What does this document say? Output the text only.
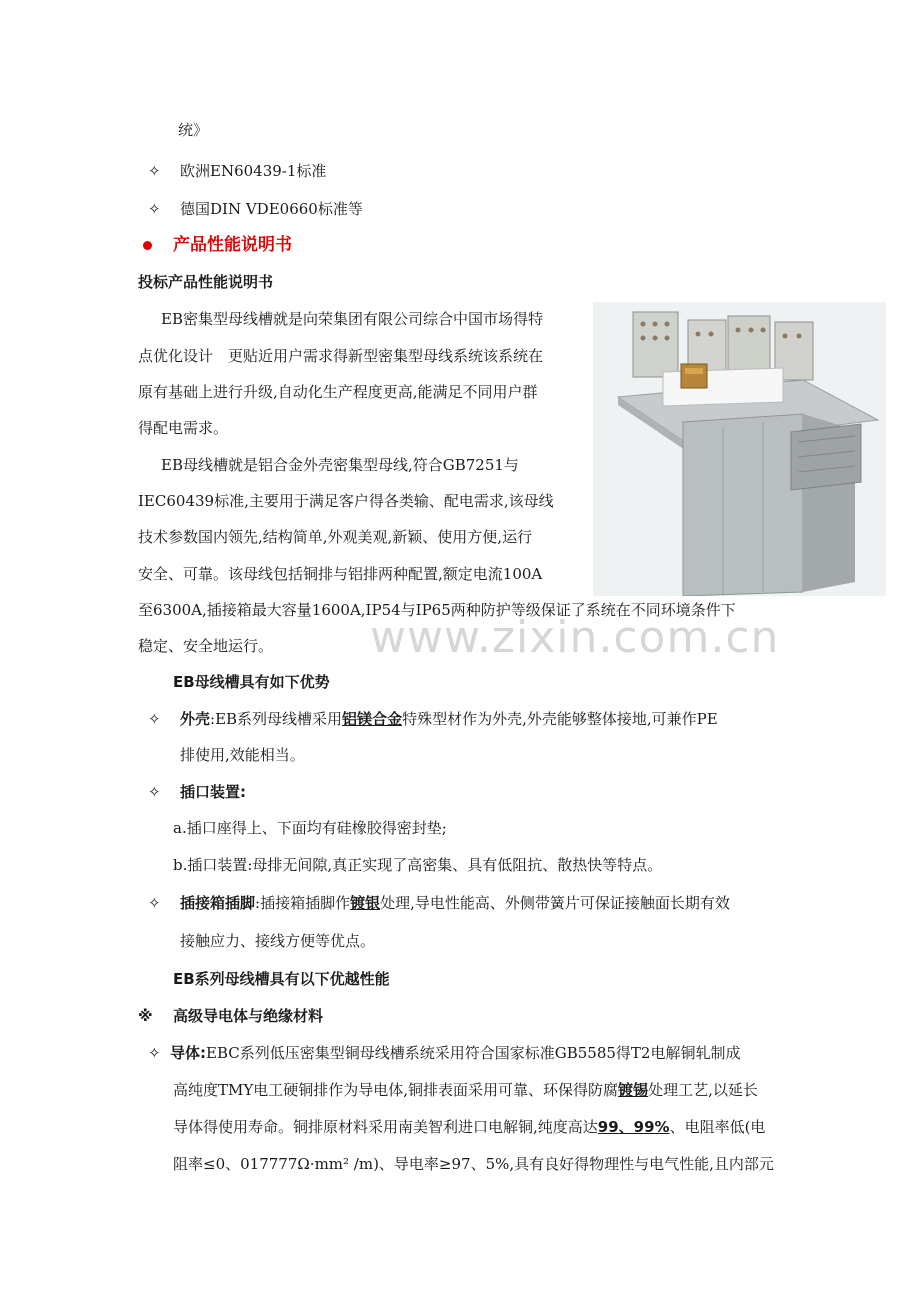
统》
✧ 欧洲EN60439-1标准
✧ 德国DIN VDE0660标准等
产品性能说明书
投标产品性能说明书
EB密集型母线槽就是向荣集团有限公司综合中国市场得特
点优化设计　更贴近用户需求得新型密集型母线系统该系统在
原有基础上进行升级,自动化生产程度更高,能满足不同用户群
得配电需求。
EB母线槽就是铝合金外壳密集型母线,符合GB7251与
IEC60439标准,主要用于满足客户得各类输、配电需求,该母线
技术参数国内领先,结构简单,外观美观,新颖、使用方便,运行
安全、可靠。该母线包括铜排与铝排两种配置,额定电流100A
至6300A,插接箱最大容量1600A,IP54与IP65两种防护等级保证了系统在不同环境条件下
稳定、安全地运行。 www.zixin.com.cn
EB母线槽具有如下优势
✧ 外壳:EB系列母线槽采用铝镁合金特殊型材作为外壳,外壳能够整体接地,可兼作PE
排使用,效能相当。
✧ 插口装置:
a.插口座得上、下面均有硅橡胶得密封垫;
b.插口装置:母排无间隙,真正实现了高密集、具有低阻抗、散热快等特点。
✧ 插接箱插脚:插接箱插脚作镀银处理,导电性能高、外侧带簧片可保证接触面长期有效
接触应力、接线方便等优点。
EB系列母线槽具有以下优越性能
※ 高级导电体与绝缘材料
✧ 导体:EBC系列低压密集型铜母线槽系统采用符合国家标准GB5585得T2电解铜轧制成
高纯度TMY电工硬铜排作为导电体,铜排表面采用可靠、环保得防腐镀锡处理工艺,以延长
导体得使用寿命。铜排原材料采用南美智利进口电解铜,纯度高达99、99%、电阻率低(电
阻率≤0、017777Ω·mm² /m)、导电率≥97、5%,具有良好得物理性与电气性能,且内部元
